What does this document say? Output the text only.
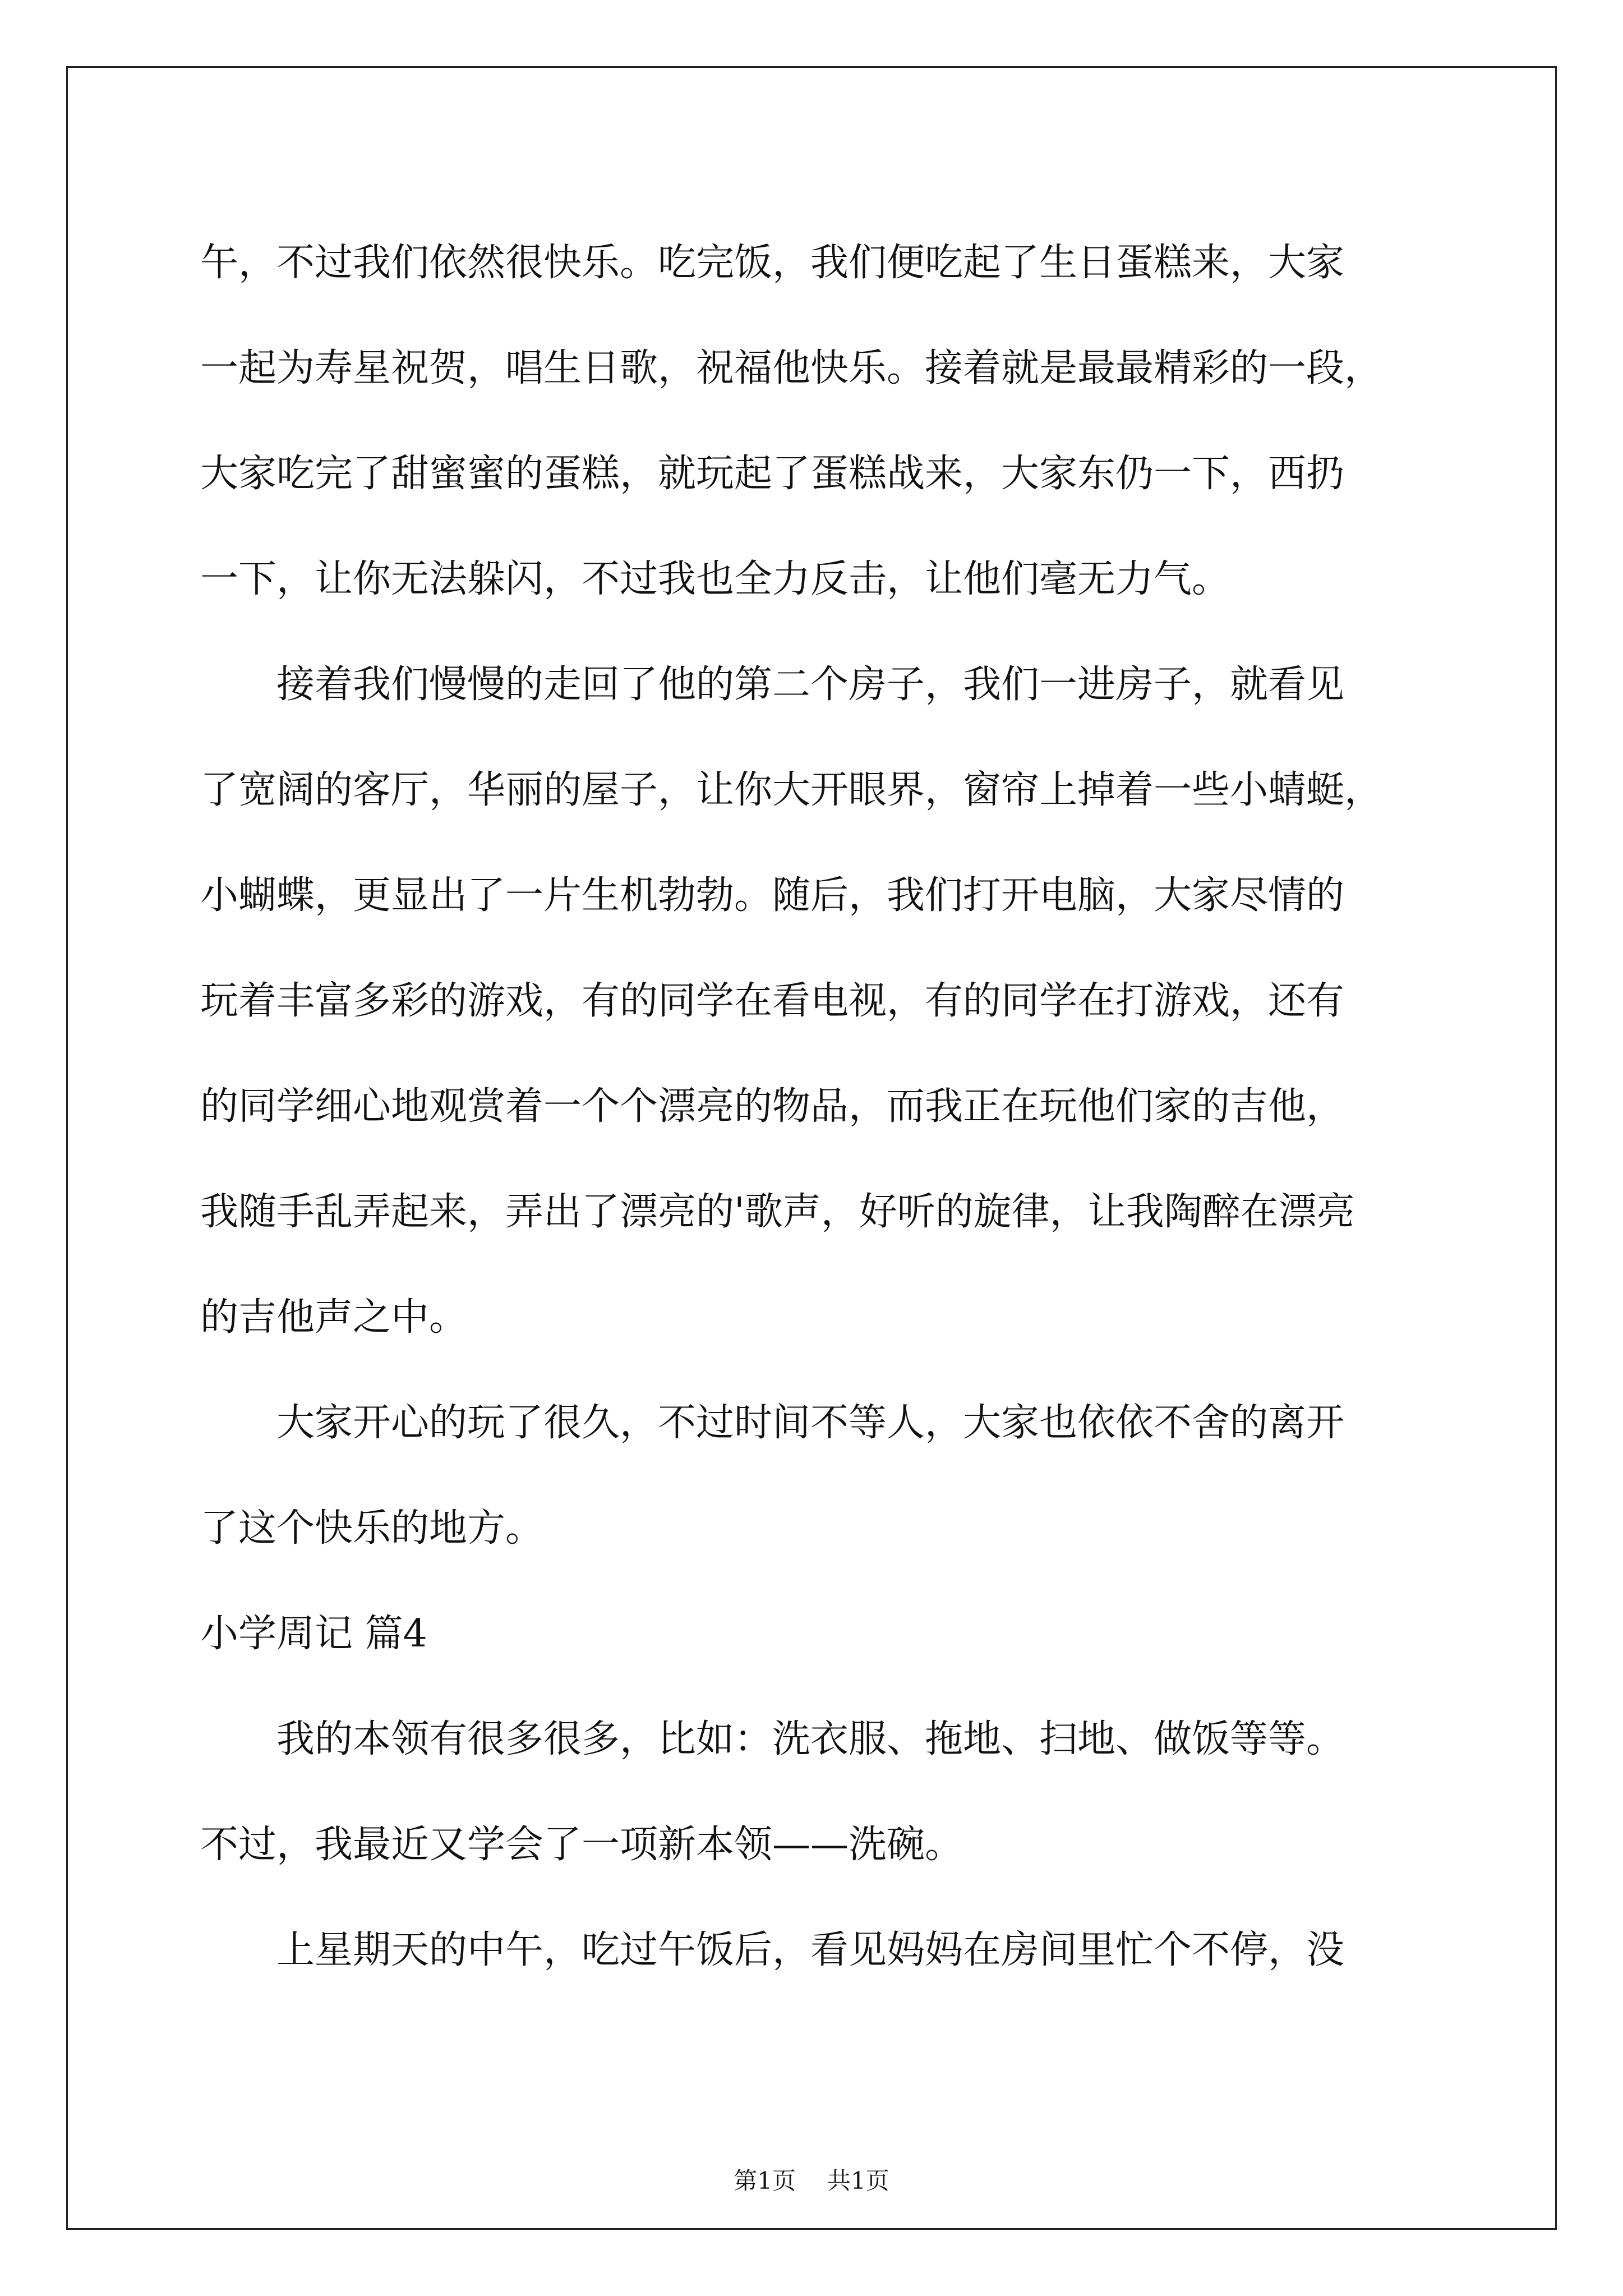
午，不过我们依然很快乐。吃完饭，我们便吃起了生日蛋糕来，大家
一起为寿星祝贺，唱生日歌，祝福他快乐。接着就是最最精彩的一段，
大家吃完了甜蜜蜜的蛋糕，就玩起了蛋糕战来，大家东仍一下，西扔
一下，让你无法躲闪，不过我也全力反击，让他们毫无力气。
接着我们慢慢的走回了他的第二个房子，我们一进房子，就看见
了宽阔的客厅，华丽的屋子，让你大开眼界，窗帘上掉着一些小蜻蜓，
小蝴蝶，更显出了一片生机勃勃。随后，我们打开电脑，大家尽情的
玩着丰富多彩的游戏，有的同学在看电视，有的同学在打游戏，还有
的同学细心地观赏着一个个漂亮的物品，而我正在玩他们家的吉他，
我随手乱弄起来，弄出了漂亮的'歌声，好听的旋律，让我陶醉在漂亮
的吉他声之中。
大家开心的玩了很久，不过时间不等人，大家也依依不舍的离开
了这个快乐的地方。
小学周记 篇4
我的本领有很多很多，比如：洗衣服、拖地、扫地、做饭等等。
不过，我最近又学会了一项新本领——洗碗。
上星期天的中午，吃过午饭后，看见妈妈在房间里忙个不停，没
第1页 共1页
